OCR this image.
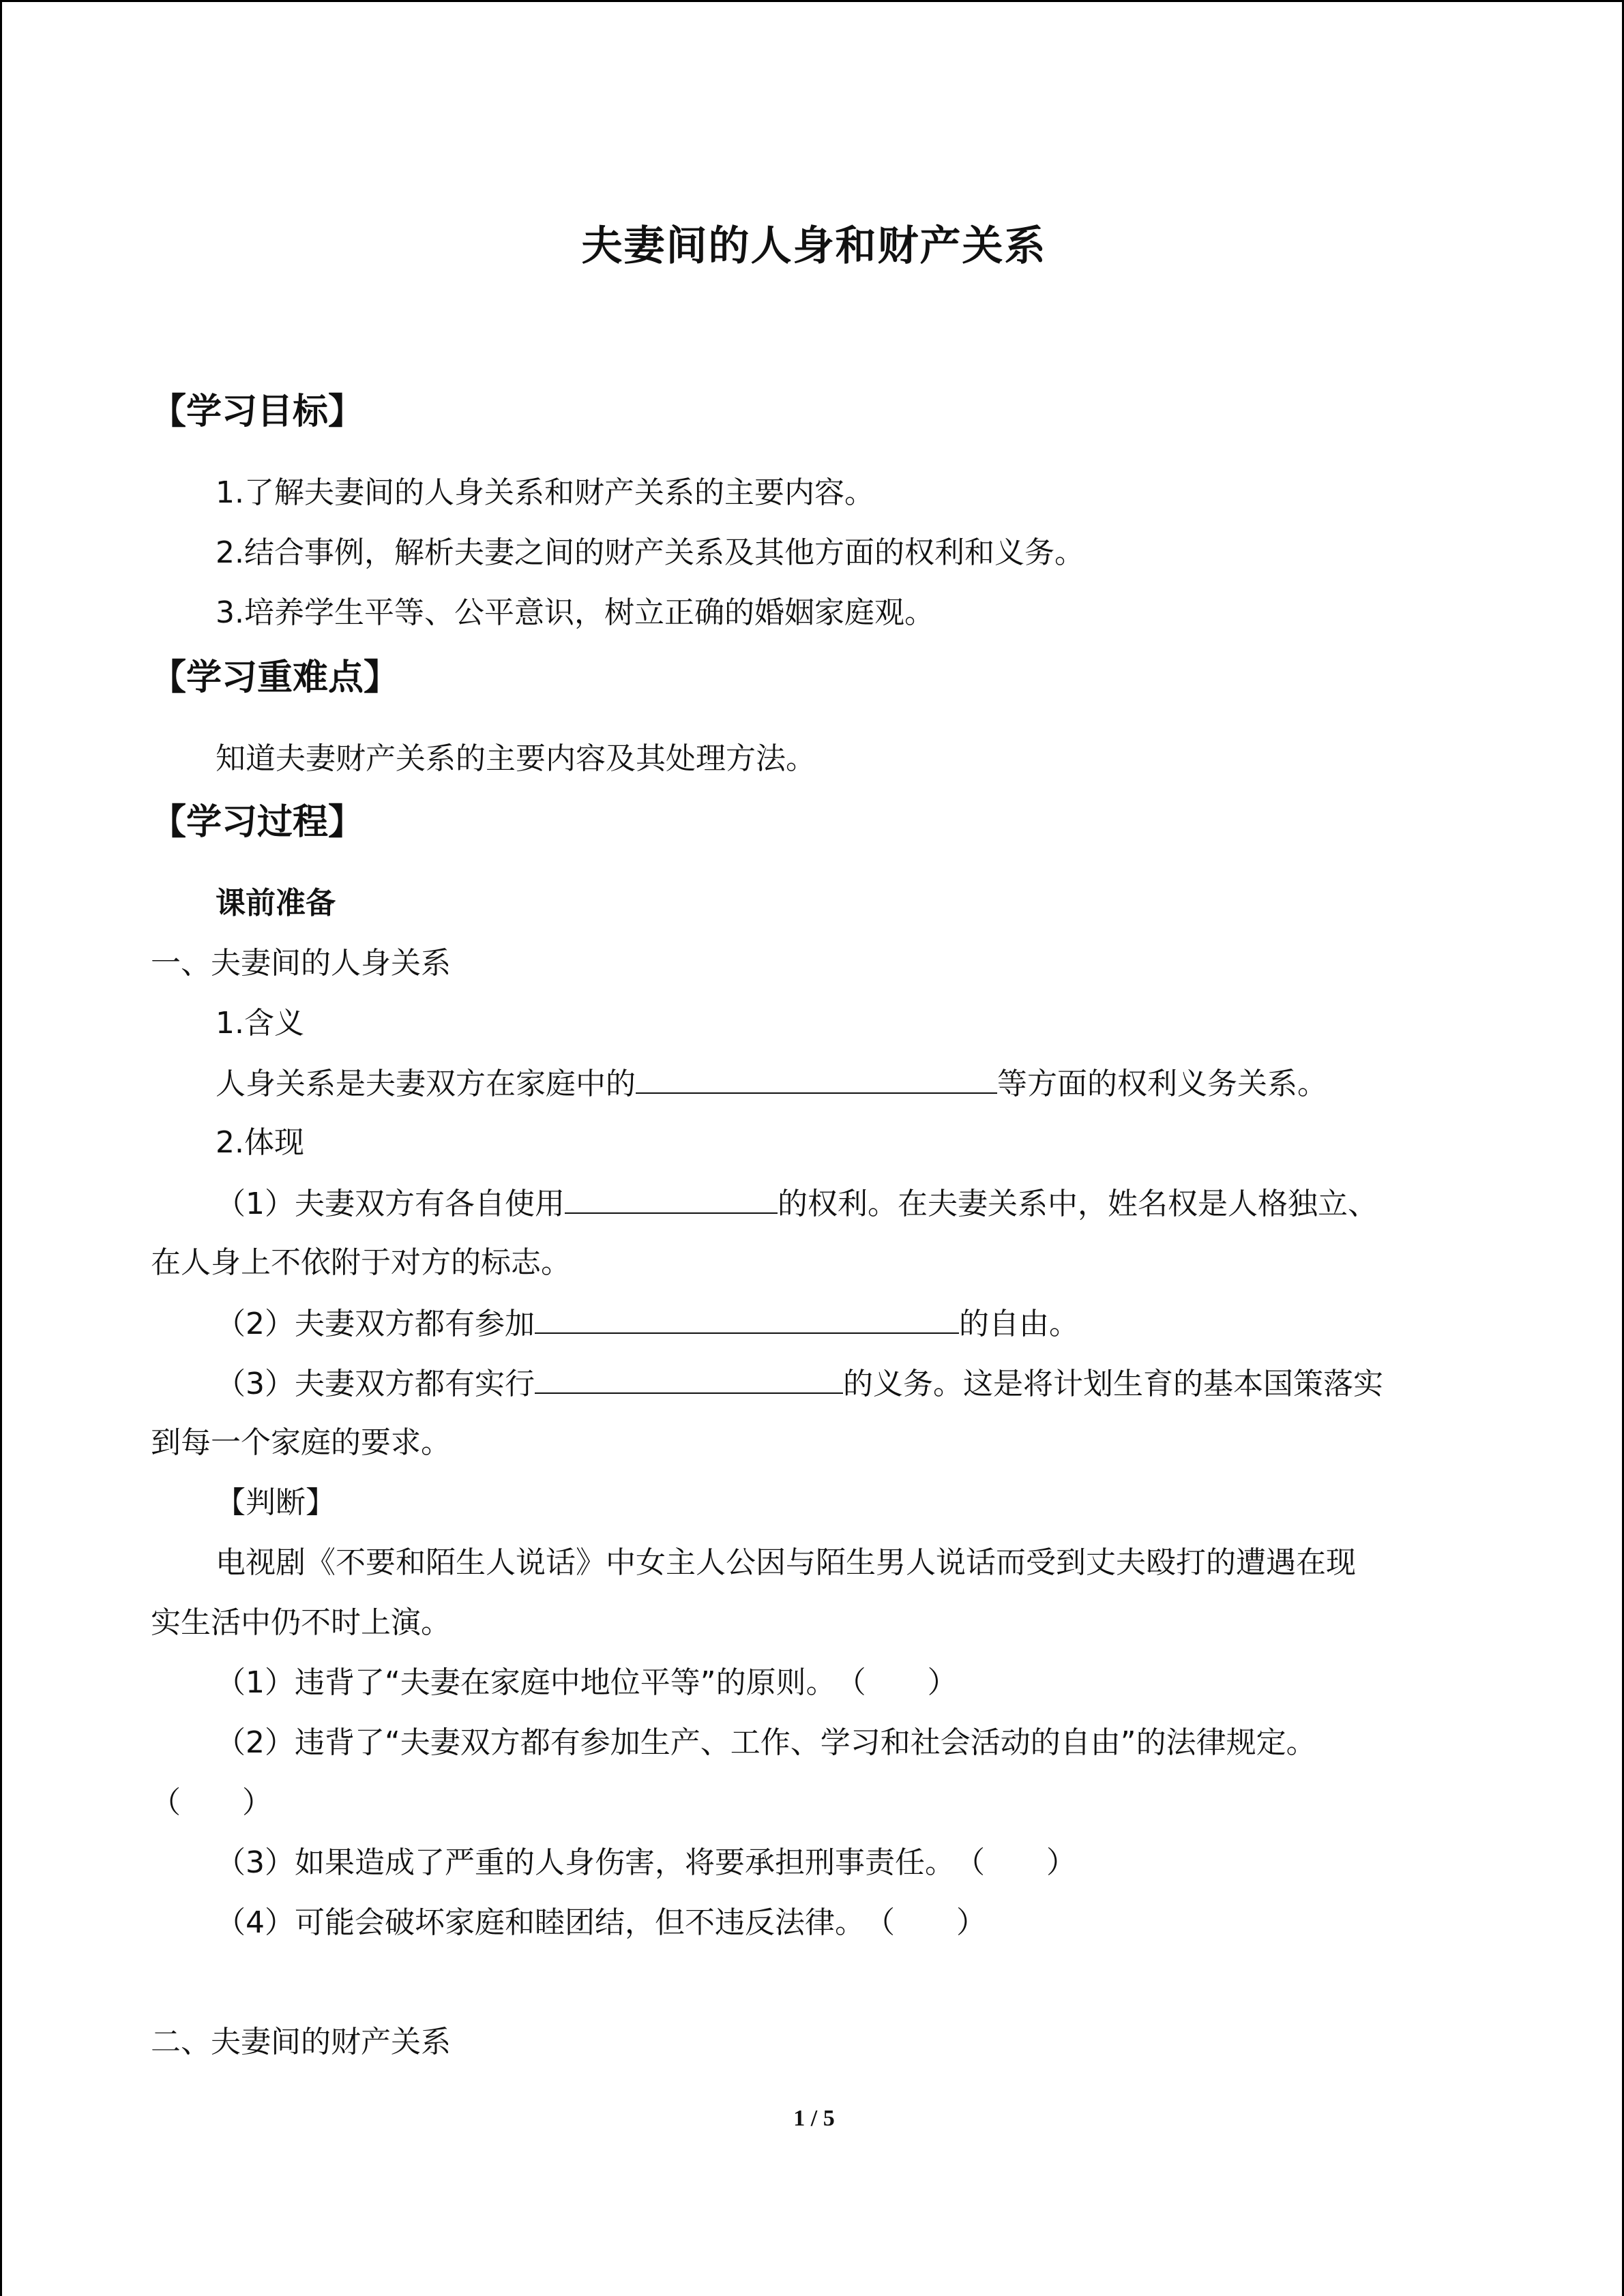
夫妻间的人身和财产关系
【学习目标】
1.了解夫妻间的人身关系和财产关系的主要内容。
2.结合事例，解析夫妻之间的财产关系及其他方面的权利和义务。
3.培养学生平等、公平意识，树立正确的婚姻家庭观。
【学习重难点】
知道夫妻财产关系的主要内容及其处理方法。
【学习过程】
课前准备
一、夫妻间的人身关系
1.含义
人身关系是夫妻双方在家庭中的	等方面的权利义务关系。
2.体现
（1）夫妻双方有各自使用	的权利。在夫妻关系中，姓名权是人格独立、
在人身上不依附于对方的标志。
（2）夫妻双方都有参加	的自由。
（3）夫妻双方都有实行	的义务。这是将计划生育的基本国策落实
到每一个家庭的要求。
【判断】
电视剧《不要和陌生人说话》中女主人公因与陌生男人说话而受到丈夫殴打的遭遇在现
实生活中仍不时上演。
（1）违背了“夫妻在家庭中地位平等”的原则。（ ）
（2）违背了“夫妻双方都有参加生产、工作、学习和社会活动的自由”的法律规定。
（ ）
（3）如果造成了严重的人身伤害，将要承担刑事责任。（ ）
（4）可能会破坏家庭和睦团结，但不违反法律。（ ）
二、夫妻间的财产关系
1 / 5
